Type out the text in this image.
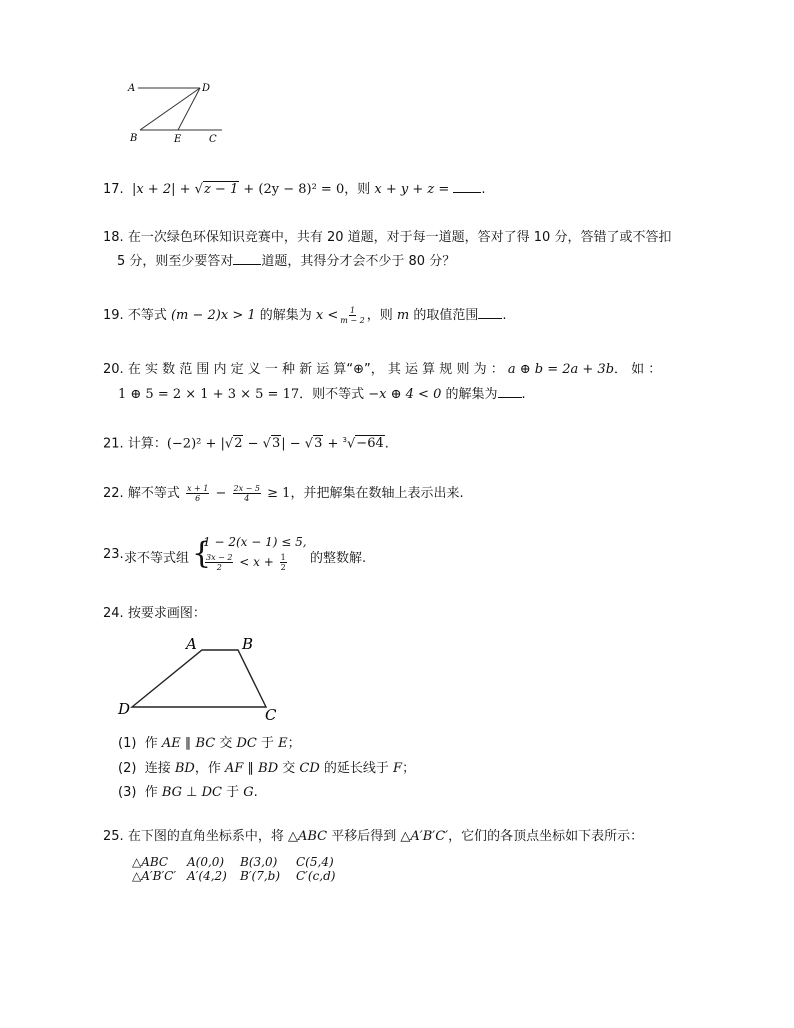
A	D
B	E	C
17. |x + 2| + √z − 1 + (2y − 8)² = 0，则 x + y + z = .
18. 在一次绿色环保知识竞赛中，共有 20 道题，对于每一道题，答对了得 10 分，答错了或不答扣
5 分，则至少要答对 道题，其得分才会不少于 80 分？
19. 不等式 (m − 2)x > 1 的解集为 $x < \frac{1}{m - 2}$ ，则 m 的取值范围 .
20. 在 实 数 范 围 内 定 义 一 种 新 运 算“⊕”， 其 运 算 规 则 为 ： a ⊕ b = 2a + 3b． 如 ：
1 ⊕ 5 = 2 × 1 + 3 × 5 = 17．则不等式 −x ⊕ 4 < 0 的解集为 .
21. 计算：(−2)² + |√2 − √3| − √3 + $^3$√−64.
22. 解不等式 $\frac{x + 1}{6} - \frac{2x - 5}{4} \ge 1$，并把解集在数轴上表示出来.
23. 求不等式组 {
1 − 2(x − 1) ≤ 5,
$\frac{3x - 2}{2} < x + \frac{1}{2}$ 的整数解.
24. 按要求画图：
A	B
D	C
(1) 作 AE ∥ BC 交 DC 于 E；
(2) 连接 BD，作 AF ∥ BD 交 CD 的延长线于 F；
(3) 作 BG ⊥ DC 于 G.
25. 在下图的直角坐标系中，将 △ABC 平移后得到 △A′B′C′，它们的各顶点坐标如下表所示：
△ABC A(0,0) B(3,0) C(5,4)
△A′B′C′ A′(4,2) B′(7,b) C′(c,d)
